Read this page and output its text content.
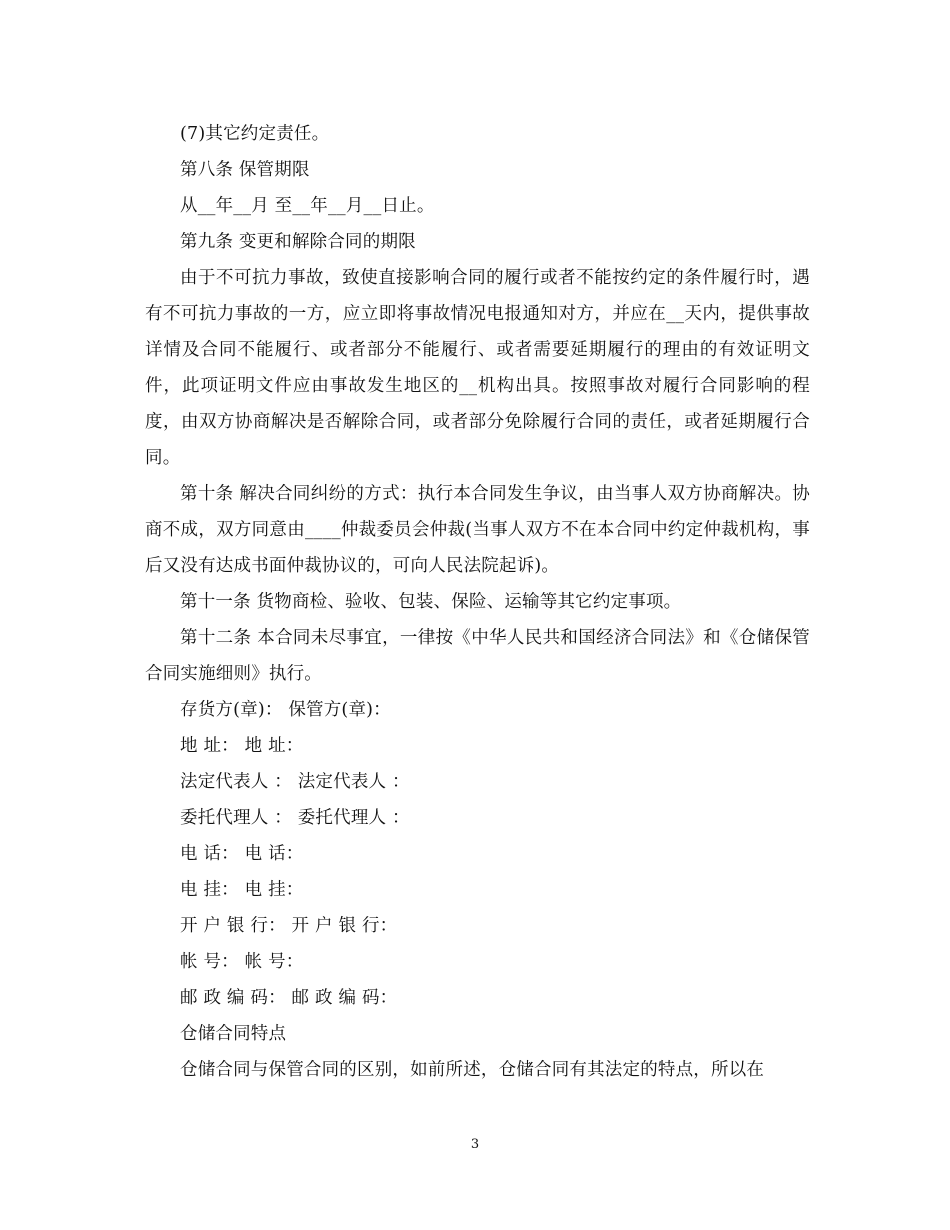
(7)其它约定责任。

第八条 保管期限

从__年__月 至__年__月__日止。

第九条 变更和解除合同的期限

由于不可抗力事故，致使直接影响合同的履行或者不能按约定的条件履行时，遇有不可抗力事故的一方，应立即将事故情况电报通知对方，并应在__天内，提供事故详情及合同不能履行、或者部分不能履行、或者需要延期履行的理由的有效证明文件，此项证明文件应由事故发生地区的__机构出具。按照事故对履行合同影响的程度，由双方协商解决是否解除合同，或者部分免除履行合同的责任，或者延期履行合同。

第十条 解决合同纠纷的方式：执行本合同发生争议，由当事人双方协商解决。协商不成，双方同意由____仲裁委员会仲裁(当事人双方不在本合同中约定仲裁机构，事后又没有达成书面仲裁协议的，可向人民法院起诉)。

第十一条 货物商检、验收、包装、保险、运输等其它约定事项。

第十二条 本合同未尽事宜，一律按《中华人民共和国经济合同法》和《仓储保管合同实施细则》执行。

存货方(章)： 保管方(章)：

地 址： 地 址：

法定代表人 ： 法定代表人 ：

委托代理人 ： 委托代理人 ：

电 话： 电 话：

电 挂： 电 挂：

开 户 银 行： 开 户 银 行：

帐 号： 帐 号：

邮 政 编 码： 邮 政 编 码：

仓储合同特点

仓储合同与保管合同的区别，如前所述，仓储合同有其法定的特点，所以在

3
